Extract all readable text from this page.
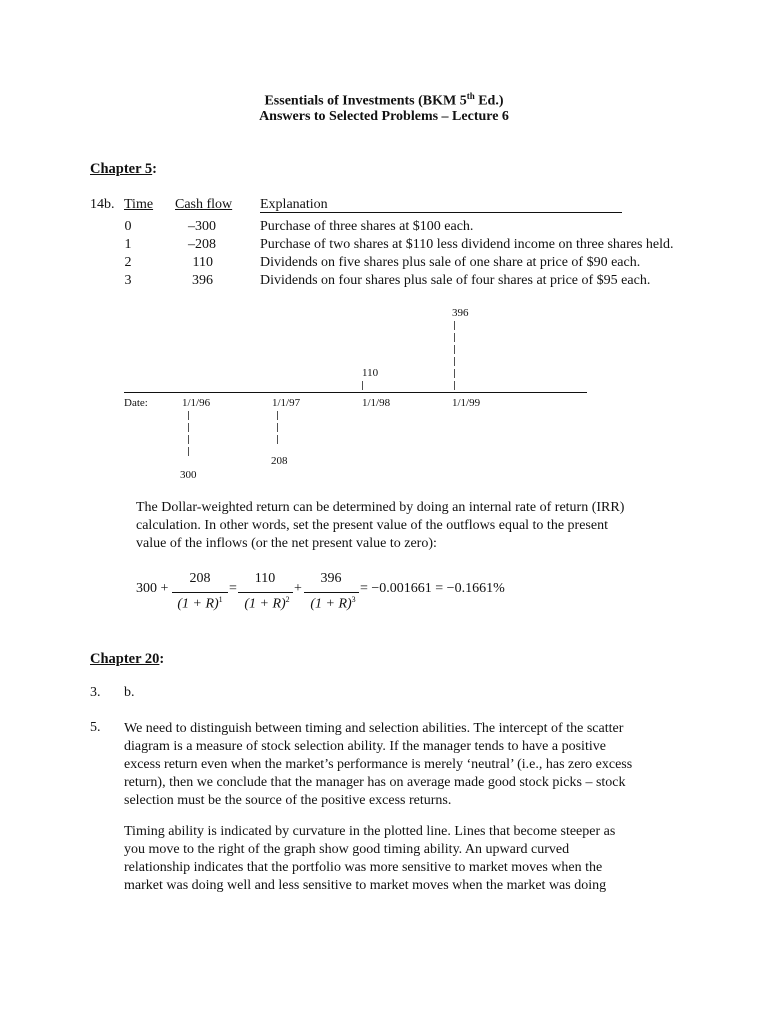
Essentials of Investments (BKM 5th Ed.)
Answers to Selected Problems – Lecture 6
Chapter 5:
14b. Time Cash flow Explanation
0	–300	Purchase of three shares at $100 each.
1	–208	Purchase of two shares at $110 less dividend income on three shares held.
2	110	Dividends on five shares plus sale of one share at price of $90 each.
3	396	Dividends on four shares plus sale of four shares at price of $95 each.
396
|
|
|
|
|
|
110
|
Date:	1/1/96	1/1/97	1/1/98	1/1/99
|
|
|
|
300
|
|
|
208
The Dollar-weighted return can be determined by doing an internal rate of return (IRR)
calculation. In other words, set the present value of the outflows equal to the present
value of the inflows (or the net present value to zero):
300 +
208
$(1 + R)^1$
=
110
$(1 + R)^2$
+
396
$(1 + R)^3$
= −0.001661 = −0.1661%
Chapter 20:
3. b.
5. We need to distinguish between timing and selection abilities. The intercept of the scatter
diagram is a measure of stock selection ability. If the manager tends to have a positive
excess return even when the market’s performance is merely ‘neutral’ (i.e., has zero excess
return), then we conclude that the manager has on average made good stock picks – stock
selection must be the source of the positive excess returns.
Timing ability is indicated by curvature in the plotted line. Lines that become steeper as
you move to the right of the graph show good timing ability. An upward curved
relationship indicates that the portfolio was more sensitive to market moves when the
market was doing well and less sensitive to market moves when the market was doing
